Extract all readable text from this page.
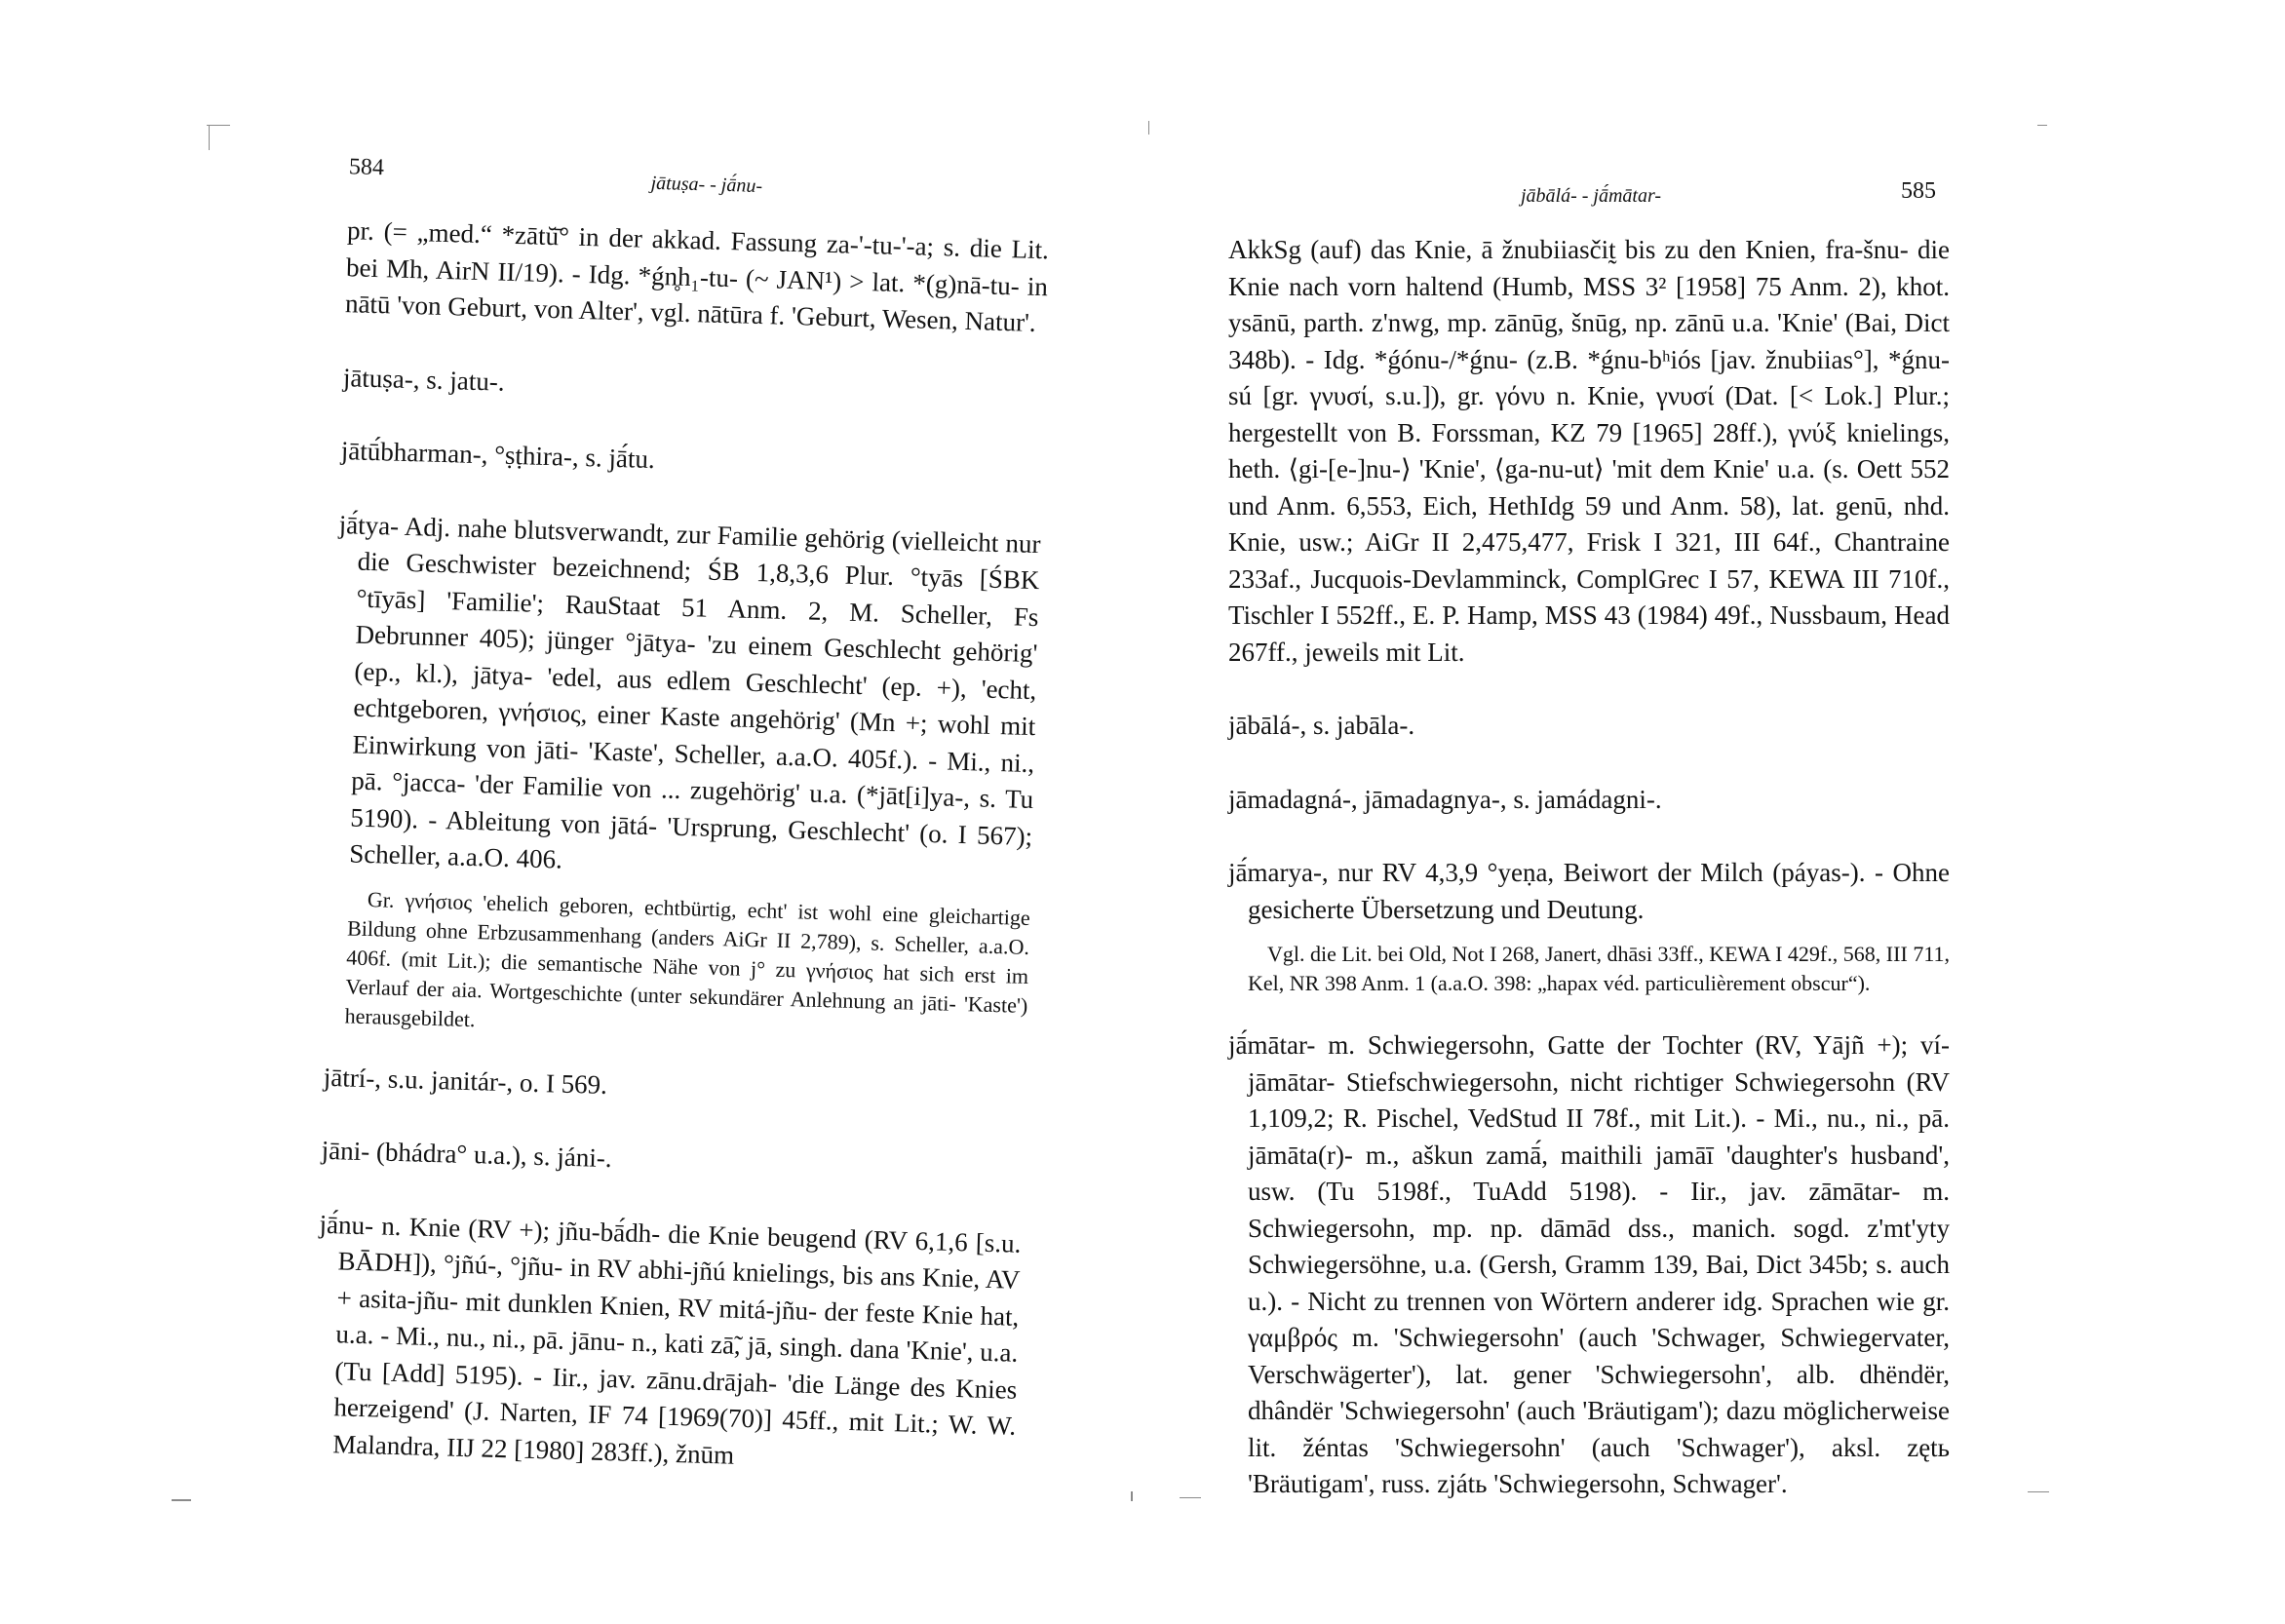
584
jātuṣa- - jā́nu-

pr. (= „med.“ *zātŭ̄° in der akkad. Fassung za-'-tu-'-a; s. die Lit. bei Mh, AirN II/19). - Idg. *ǵn̥h₁-tu- (~ JAN¹) > lat. *(g)nā-tu- in nātū 'von Geburt, von Alter', vgl. nātūra f. 'Geburt, Wesen, Natur'.

jātuṣa-, s. jatu-.

jātū́bharman-, °ṣṭhira-, s. jā́tu.

jā́tya- Adj. nahe blutsverwandt, zur Familie gehörig (vielleicht nur die Geschwister bezeichnend; ŚB 1,8,3,6 Plur. °tyās [ŚBK °tīyās] 'Familie'; RauStaat 51 Anm. 2, M. Scheller, Fs Debrunner 405); jünger °jātya- 'zu einem Geschlecht gehörig' (ep., kl.), jātya- 'edel, aus edlem Geschlecht' (ep. +), 'echt, echtgeboren, γνήσιος, einer Kaste angehörig' (Mn +; wohl mit Einwirkung von jāti- 'Kaste', Scheller, a.a.O. 405f.). - Mi., ni., pā. °jacca- 'der Familie von ... zugehörig' u.a. (*jāt[i]ya-, s. Tu 5190). - Ableitung von jātá- 'Ursprung, Geschlecht' (o. I 567); Scheller, a.a.O. 406.

Gr. γνήσιος 'ehelich geboren, echtbürtig, echt' ist wohl eine gleichartige Bildung ohne Erbzusammenhang (anders AiGr II 2,789), s. Scheller, a.a.O. 406f. (mit Lit.); die semantische Nähe von j° zu γνήσιος hat sich erst im Verlauf der aia. Wortgeschichte (unter sekundärer Anlehnung an jāti- 'Kaste') herausgebildet.

jātrí-, s.u. janitár-, o. I 569.

jāni- (bhádra° u.a.), s. jáni-.

jā́nu- n. Knie (RV +); jñu-bā́dh- die Knie beugend (RV 6,1,6 [s.u. BĀDH]), °jñú-, °jñu- in RV abhi-jñú knielings, bis ans Knie, AV + asita-jñu- mit dunklen Knien, RV mitá-jñu- der feste Knie hat, u.a. - Mi., nu., ni., pā. jānu- n., kati zā̃, jā, singh. dana 'Knie', u.a. (Tu [Add] 5195). - Iir., jav. zānu.drājah- 'die Länge des Knies herzeigend' (J. Narten, IF 74 [1969(70)] 45ff., mit Lit.; W. W. Malandra, IIJ 22 [1980] 283ff.), žnūm

585
jābālá- - jā́mātar-

AkkSg (auf) das Knie, ā žnubiiasčit̰ bis zu den Knien, fra-šnu- die Knie nach vorn haltend (Humb, MSS 3² [1958] 75 Anm. 2), khot. ysānū, parth. z'nwg, mp. zānūg, šnūg, np. zānū u.a. 'Knie' (Bai, Dict 348b). - Idg. *ǵónu-/*ǵnu- (z.B. *ǵnu-bʰiós [jav. žnubiias°], *ǵnu-sú [gr. γνυσί, s.u.]), gr. γόνυ n. Knie, γνυσί (Dat. [< Lok.] Plur.; hergestellt von B. Forssman, KZ 79 [1965] 28ff.), γνύξ knielings, heth. ⟨gi-[e-]nu-⟩ 'Knie', ⟨ga-nu-ut⟩ 'mit dem Knie' u.a. (s. Oett 552 und Anm. 6,553, Eich, HethIdg 59 und Anm. 58), lat. genū, nhd. Knie, usw.; AiGr II 2,475,477, Frisk I 321, III 64f., Chantraine 233af., Jucquois-Devlamminck, ComplGrec I 57, KEWA III 710f., Tischler I 552ff., E. P. Hamp, MSS 43 (1984) 49f., Nussbaum, Head 267ff., jeweils mit Lit.

jābālá-, s. jabāla-.

jāmadagná-, jāmadagnya-, s. jamádagni-.

jā́marya-, nur RV 4,3,9 °yeṇa, Beiwort der Milch (páyas-). - Ohne gesicherte Übersetzung und Deutung.

Vgl. die Lit. bei Old, Not I 268, Janert, dhāsi 33ff., KEWA I 429f., 568, III 711, Kel, NR 398 Anm. 1 (a.a.O. 398: „hapax véd. particulièrement obscur“).

jā́mātar- m. Schwiegersohn, Gatte der Tochter (RV, Yājñ +); ví-jāmātar- Stiefschwiegersohn, nicht richtiger Schwiegersohn (RV 1,109,2; R. Pischel, VedStud II 78f., mit Lit.). - Mi., nu., ni., pā. jāmāta(r)- m., aškun zamā́, maithili jamāī 'daughter's husband', usw. (Tu 5198f., TuAdd 5198). - Iir., jav. zāmātar- m. Schwiegersohn, mp. np. dāmād dss., manich. sogd. z'mt'yty Schwiegersöhne, u.a. (Gersh, Gramm 139, Bai, Dict 345b; s. auch u.). - Nicht zu trennen von Wörtern anderer idg. Sprachen wie gr. γαμβρός m. 'Schwiegersohn' (auch 'Schwager, Schwiegervater, Verschwägerter'), lat. gener 'Schwiegersohn', alb. dhëndër, dhândër 'Schwiegersohn' (auch 'Bräutigam'); dazu möglicherweise lit. žéntas 'Schwiegersohn' (auch 'Schwager'), aksl. zętь 'Bräutigam', russ. zjátь 'Schwiegersohn, Schwager'.
